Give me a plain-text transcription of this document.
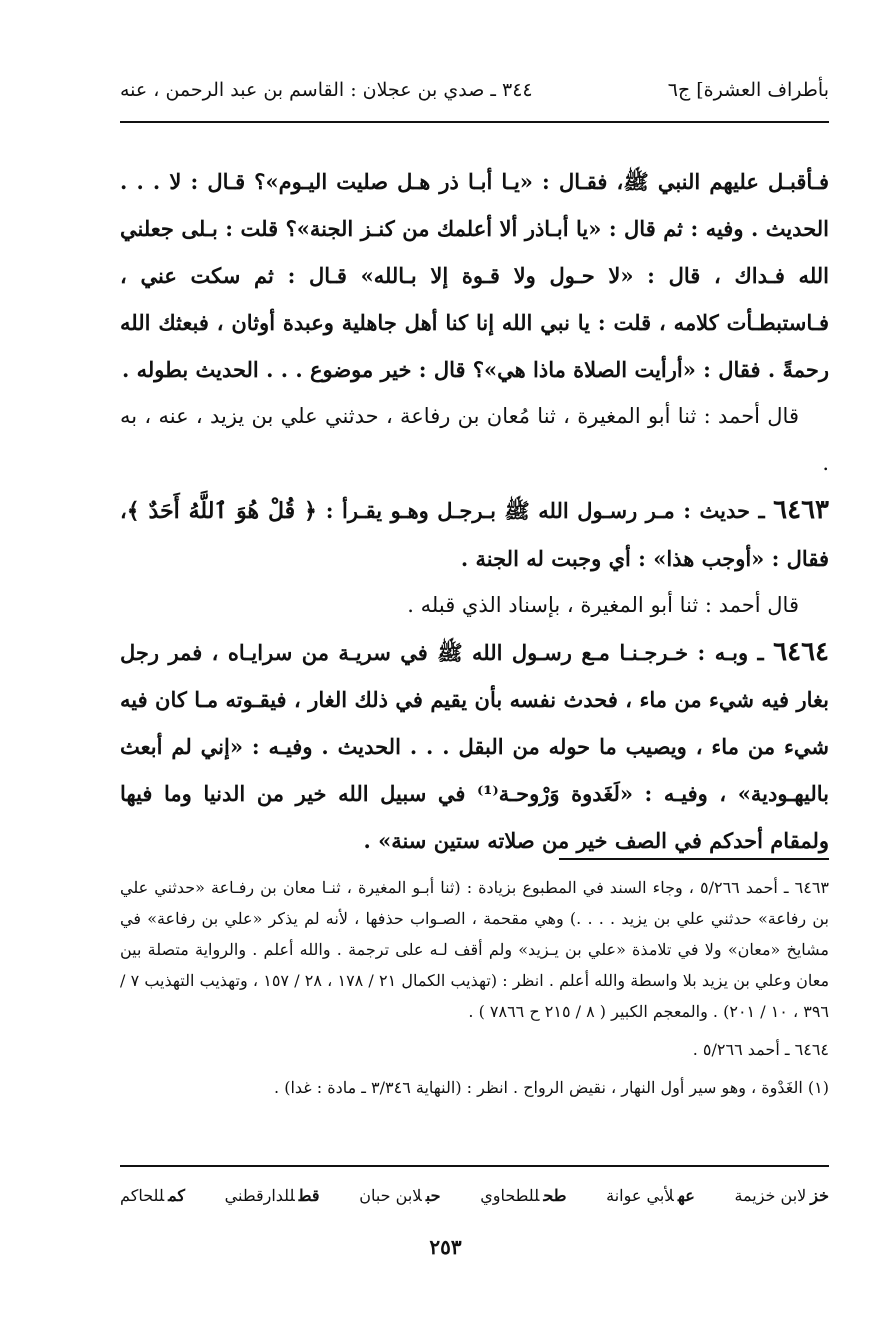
بأطراف العشرة] ج٦
٣٤٤ ـ صدي بن عجلان : القاسم بن عبد الرحمن ، عنه

فـأقبـل عليهم النبي ﷺ، فقـال : «يـا أبـا ذر هـل صليت اليـوم»؟ قـال : لا . . . الحديث . وفيه : ثم قال : «يا أبـاذر ألا أعلمك من كنـز الجنة»؟ قلت : بـلى جعلني الله فـداك ، قال : «لا حـول ولا قـوة إلا بـالله» قـال : ثم سكت عني ، فـاستبطـأت كلامه ، قلت : يا نبي الله إنا كنا أهل جاهلية وعبدة أوثان ، فبعثك الله رحمةً . فقال : «أرأيت الصلاة ماذا هي»؟ قال : خير موضوع . . . الحديث بطوله .

قال أحمد : ثنا أبو المغيرة ، ثنا مُعان بن رفاعة ، حدثني علي بن يزيد ، عنه ، به .

٦٤٦٣ ـ حديث : مـر رسـول الله ﷺ بـرجـل وهـو يقـرأ : ﴿ قُلْ هُوَ ٱللَّهُ أَحَدٌ ﴾، فقال : «أوجب هذا» : أي وجبت له الجنة .

قال أحمد : ثنا أبو المغيرة ، بإسناد الذي قبله .

٦٤٦٤ ـ وبـه : خـرجـنـا مـع رسـول الله ﷺ في سريـة من سرايـاه ، فمر رجل بغار فيه شيء من ماء ، فحدث نفسه بأن يقيم في ذلك الغار ، فيقـوته مـا كان فيه شيء من ماء ، ويصيب ما حوله من البقل . . . الحديث . وفيـه : «إني لم أبعث باليهـودية» ، وفيـه : «لَغَدوة وَرْوحـة⁽¹⁾ في سبيل الله خير من الدنيا وما فيها ولمقام أحدكم في الصف خير من صلاته ستين سنة» .

٦٤٦٣ ـ أحمد ٥/٢٦٦ ، وجاء السند في المطبوع بزيادة : (ثنا أبـو المغيرة ، ثنـا معان بن رفـاعة «حدثني علي بن رفاعة» حدثني علي بن يزيد . . . .) وهي مقحمة ، الصـواب حذفها ، لأنه لم يذكر «علي بن رفاعة» في مشايخ «معان» ولا في تلامذة «علي بن يـزيد» ولم أقف لـه على ترجمة . والله أعلم . والرواية متصلة بين معان وعلي بن يزيد بلا واسطة والله أعلم . انظر : (تهذيب الكمال ٢١ / ١٧٨ ، ٢٨ / ١٥٧ ، وتهذيب التهذيب ٧ / ٣٩٦ ، ١٠ / ٢٠١) . والمعجم الكبير ( ٨ / ٢١٥ ح ٧٨٦٦ ) .

٦٤٦٤ ـ أحمد ٥/٢٦٦ .

(١) الغَدْوة ، وهو سير أول النهار ، نقيض الرواح . انظر : (النهاية ٣/٣٤٦ ـ مادة : غدا) .

خزلابن خزيمة
عهلأبي عوانة
طحللطحاوي
حبلابن حبان
قطللدارقطني
كمللحاكم
٢٥٣
